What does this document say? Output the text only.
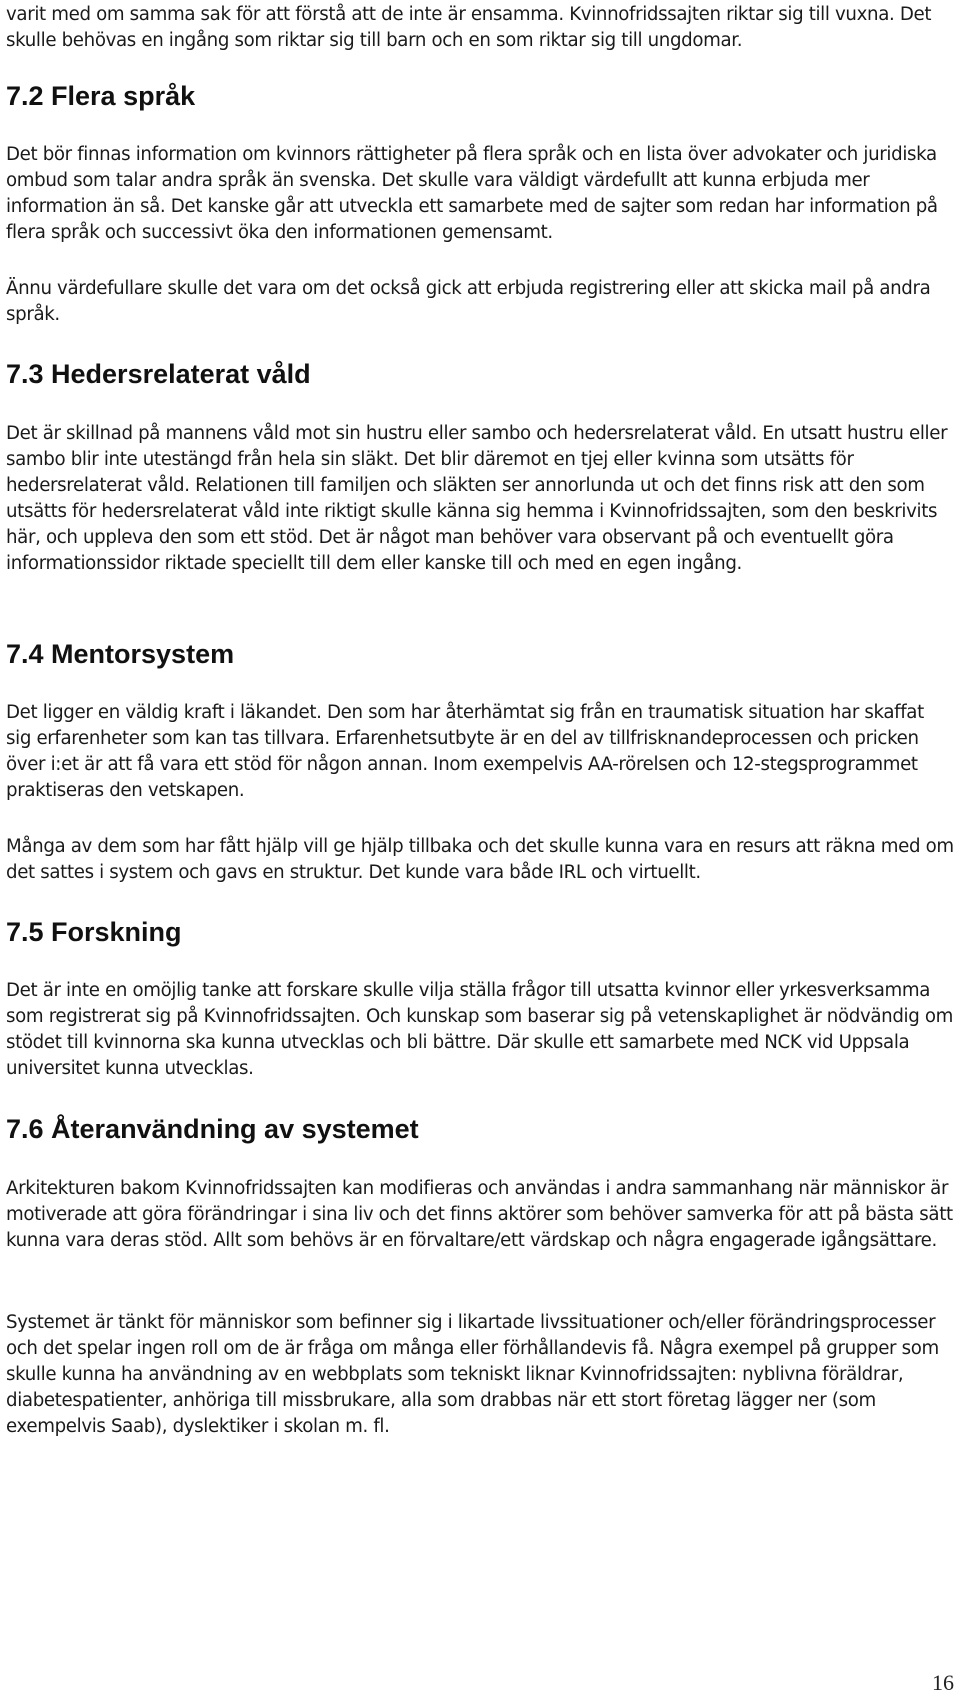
varit med om samma sak för att förstå att de inte är ensamma. Kvinnofridssajten riktar sig till vuxna. Det skulle behövas en ingång som riktar sig till barn och en som riktar sig till ungdomar.

7.2 Flera språk

Det bör finnas information om kvinnors rättigheter på flera språk och en lista över advokater och juridiska ombud som talar andra språk än svenska. Det skulle vara väldigt värdefullt att kunna erbjuda mer information än så. Det kanske går att utveckla ett samarbete med de sajter som redan har information på flera språk och successivt öka den informationen gemensamt.

Ännu värdefullare skulle det vara om det också gick att erbjuda registrering eller att skicka mail på andra språk.

7.3 Hedersrelaterat våld

Det är skillnad på mannens våld mot sin hustru eller sambo och hedersrelaterat våld. En utsatt hustru eller sambo blir inte utestängd från hela sin släkt. Det blir däremot en tjej eller kvinna som utsätts för hedersrelaterat våld. Relationen till familjen och släkten ser annorlunda ut och det finns risk att den som utsätts för hedersrelaterat våld inte riktigt skulle känna sig hemma i Kvinnofridssajten, som den beskrivits här, och uppleva den som ett stöd. Det är något man behöver vara observant på och eventuellt göra informationssidor riktade speciellt till dem eller kanske till och med en egen ingång.

7.4 Mentorsystem

Det ligger en väldig kraft i läkandet. Den som har återhämtat sig från en traumatisk situation har skaffat sig erfarenheter som kan tas tillvara. Erfarenhetsutbyte är en del av tillfrisknandeprocessen och pricken över i:et är att få vara ett stöd för någon annan. Inom exempelvis AA-rörelsen och 12-stegsprogrammet praktiseras den vetskapen.

Många av dem som har fått hjälp vill ge hjälp tillbaka och det skulle kunna vara en resurs att räkna med om det sattes i system och gavs en struktur. Det kunde vara både IRL och virtuellt.

7.5 Forskning

Det är inte en omöjlig tanke att forskare skulle vilja ställa frågor till utsatta kvinnor eller yrkesverksamma som registrerat sig på Kvinnofridssajten. Och kunskap som baserar sig på vetenskaplighet är nödvändig om stödet till kvinnorna ska kunna utvecklas och bli bättre. Där skulle ett samarbete med NCK vid Uppsala universitet kunna utvecklas.

7.6 Återanvändning av systemet

Arkitekturen bakom Kvinnofridssajten kan modifieras och användas i andra sammanhang när människor är motiverade att göra förändringar i sina liv och det finns aktörer som behöver samverka för att på bästa sätt kunna vara deras stöd. Allt som behövs är en förvaltare/ett värdskap och några engagerade igångsättare.

Systemet är tänkt för människor som befinner sig i likartade livssituationer och/eller förändringsprocesser och det spelar ingen roll om de är fråga om många eller förhållandevis få. Några exempel på grupper som skulle kunna ha användning av en webbplats som tekniskt liknar Kvinnofridssajten: nyblivna föräldrar, diabetespatienter, anhöriga till missbrukare, alla som drabbas när ett stort företag lägger ner (som exempelvis Saab), dyslektiker i skolan m. fl.

16
